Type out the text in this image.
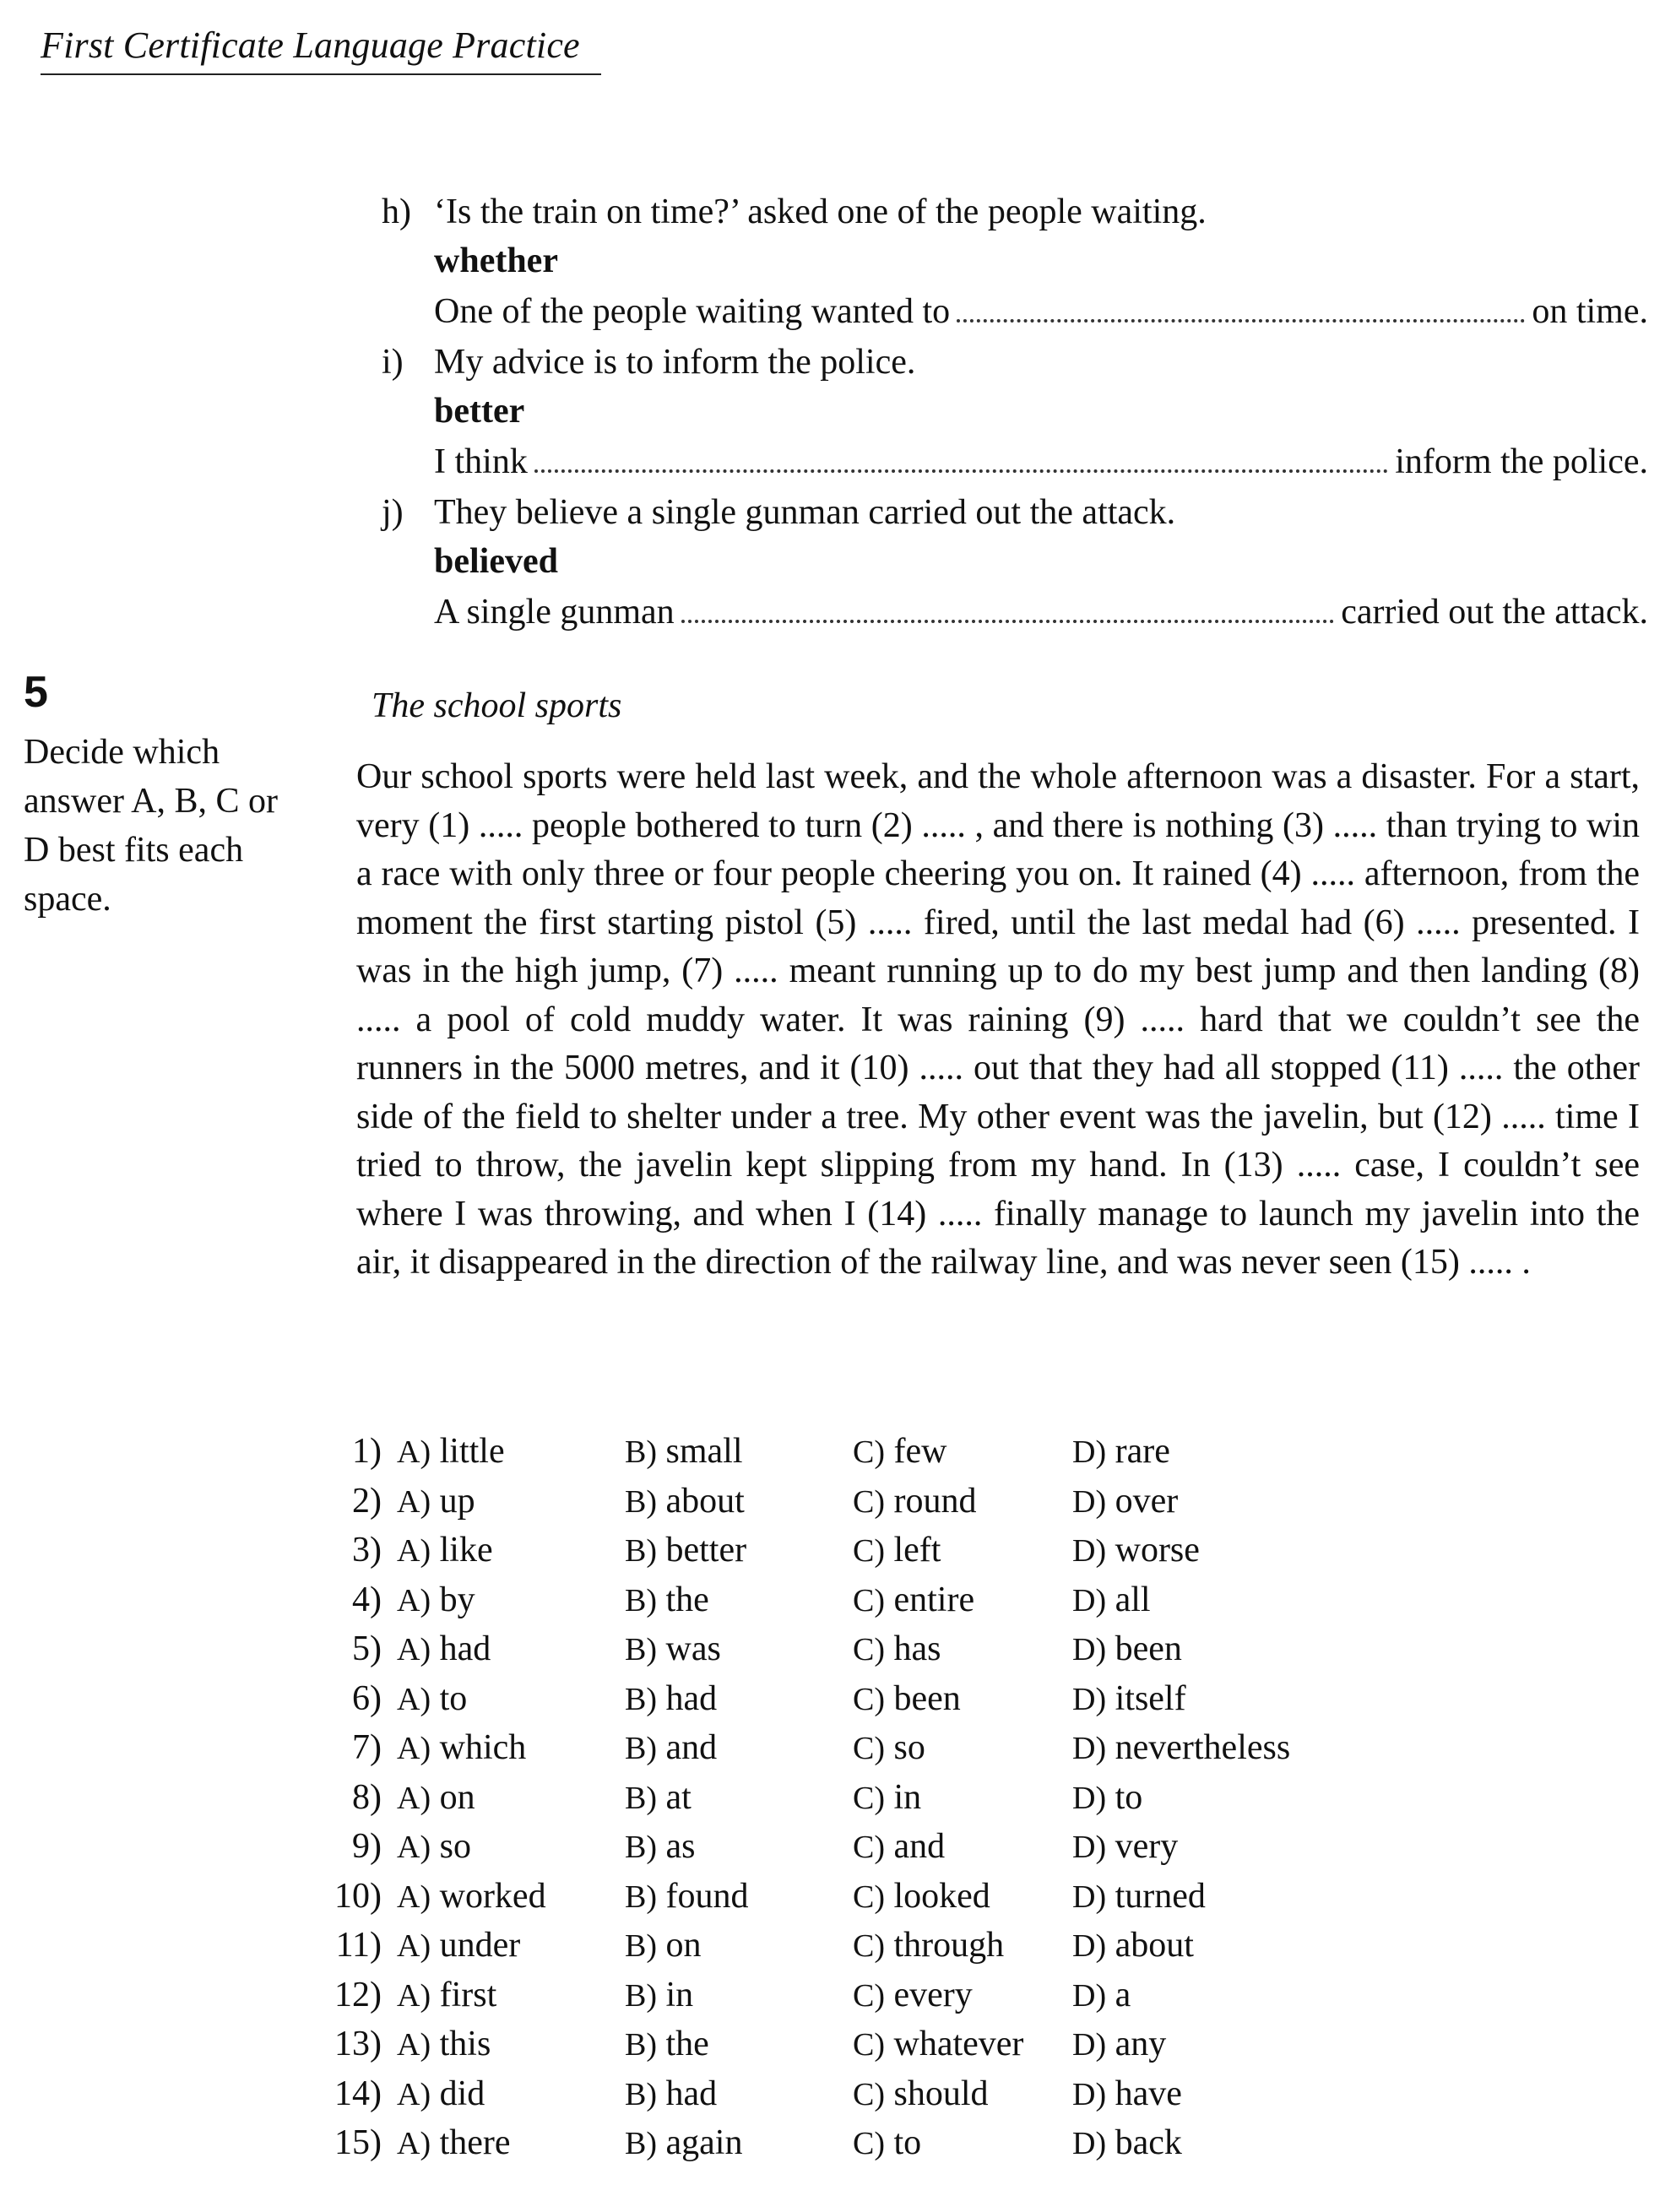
First Certificate Language Practice
h) ‘Is the train on time?’ asked one of the people waiting.
whether
One of the people waiting wanted to	on time.
i) My advice is to inform the police.
better
I think	inform the police.
j) They believe a single gunman carried out the attack.
believed
A single gunman	carried out the attack.
5
Decide which answer A, B, C or D best fits each space.
The school sports
Our school sports were held last week, and the whole afternoon was a disaster. For a start, very (1) ..... people bothered to turn (2) ..... , and there is nothing (3) ..... than trying to win a race with only three or four people cheering you on. It rained (4) ..... afternoon, from the moment the first starting pistol (5) ..... fired, until the last medal had (6) ..... presented. I was in the high jump, (7) ..... meant running up to do my best jump and then landing (8) ..... a pool of cold muddy water. It was raining (9) ..... hard that we couldn’t see the runners in the 5000 metres, and it (10) ..... out that they had all stopped (11) ..... the other side of the field to shelter under a tree. My other event was the javelin, but (12) ..... time I tried to throw, the javelin kept slipping from my hand. In (13) ..... case, I couldn’t see where I was throwing, and when I (14) ..... finally manage to launch my javelin into the air, it disappeared in the direction of the railway line, and was never seen (15) ..... .
1) A) little	B) small	C) few	D) rare
2) A) up	B) about	C) round	D) over
3) A) like	B) better	C) left	D) worse
4) A) by	B) the	C) entire	D) all
5) A) had	B) was	C) has	D) been
6) A) to	B) had	C) been	D) itself
7) A) which	B) and	C) so	D) nevertheless
8) A) on	B) at	C) in	D) to
9) A) so	B) as	C) and	D) very
10) A) worked	B) found	C) looked	D) turned
11) A) under	B) on	C) through	D) about
12) A) first	B) in	C) every	D) a
13) A) this	B) the	C) whatever	D) any
14) A) did	B) had	C) should	D) have
15) A) there	B) again	C) to	D) back
